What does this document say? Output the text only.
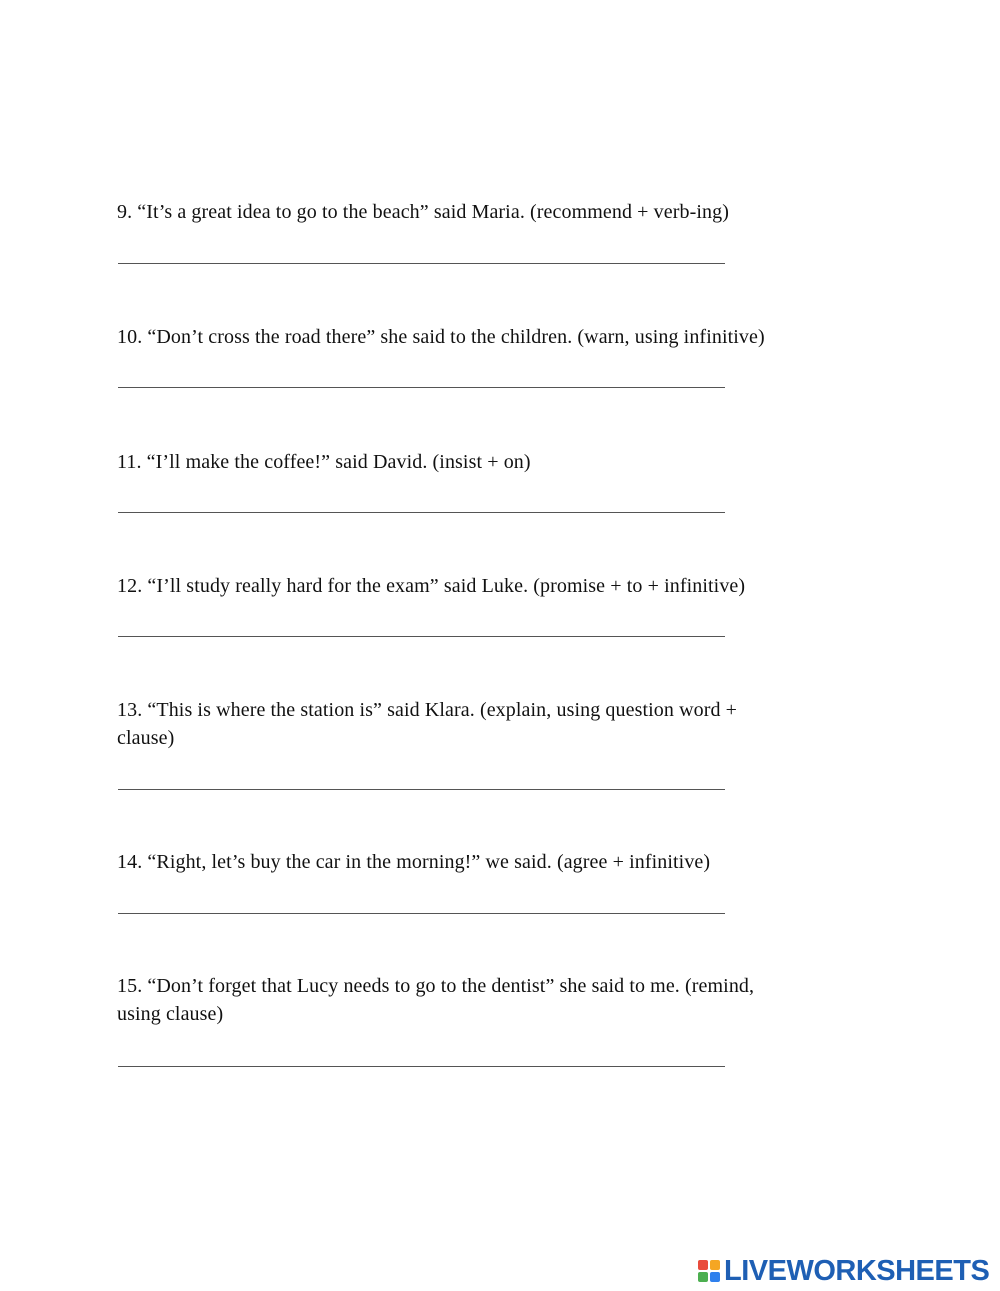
9. “It’s a great idea to go to the beach” said Maria. (recommend + verb-ing)
10. “Don’t cross the road there” she said to the children. (warn, using infinitive)
11. “I’ll make the coffee!” said David. (insist + on)
12. “I’ll study really hard for the exam” said Luke. (promise + to + infinitive)
13. “This is where the station is” said Klara. (explain, using question word +
clause)
14. “Right, let’s buy the car in the morning!” we said. (agree + infinitive)
15. “Don’t forget that Lucy needs to go to the dentist” she said to me. (remind,
using clause)
LIVEWORKSHEETS
